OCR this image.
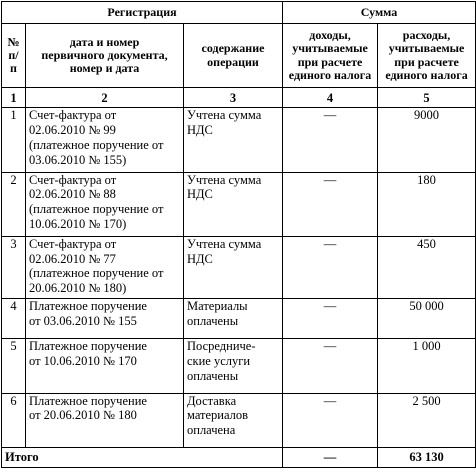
Регистрация			Сумма	
№
п/п	дата и номер
первичного документа,
номер и дата	содержание
операции	доходы,
учитываемые
при расчете
единого налога	расходы,
учитываемые
при расчете
единого налога
1	2	3	4	5
1	Счет-фактура от
02.06.2010 № 99
(платежное поручение от
03.06.2010 № 155)	Учтена сумма
НДС	—	9000
2	Счет-фактура от
02.06.2010 № 88
(платежное поручение от
10.06.2010 № 170)	Учтена сумма
НДС	—	180
3	Счет-фактура от
02.06.2010 № 77
(платежное поручение от
20.06.2010 № 180)	Учтена сумма
НДС	—	450
4	Платежное поручение
от 03.06.2010 № 155	Материалы
оплачены	—	50 000
5	Платежное поручение
от 10.06.2010 № 170	Посредниче-
ские услуги
оплачены	—	1 000
6	Платежное поручение
от 20.06.2010 № 180	Доставка
материалов
оплачена	—	2 500
Итого			—	63 130
